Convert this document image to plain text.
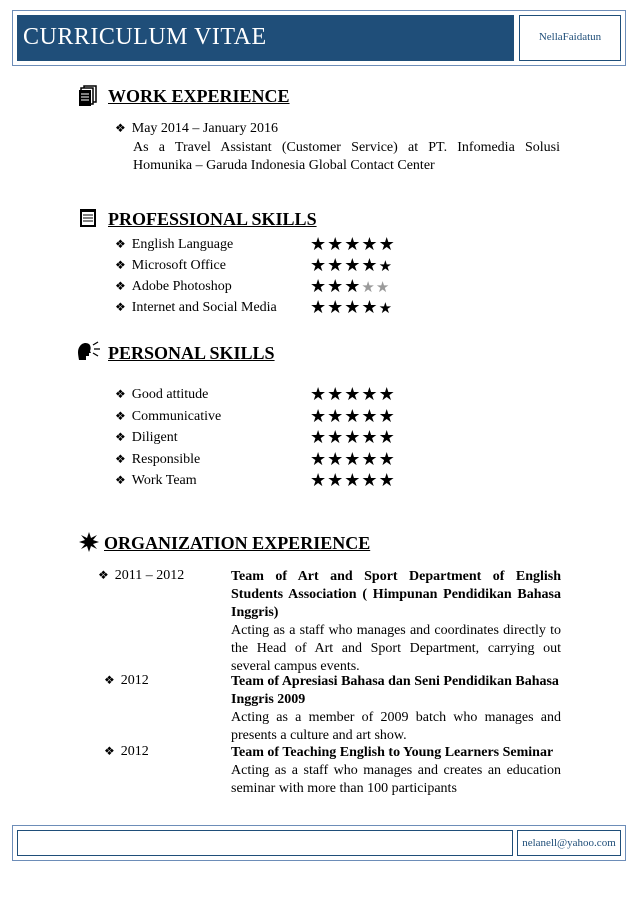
CURRICULUM VITAE	NellaFaidatun
WORK EXPERIENCE
❖ May 2014 – January 2016
As a Travel Assistant (Customer Service) at PT. Infomedia Solusi
Homunika – Garuda Indonesia Global Contact Center
PROFESSIONAL SKILLS
❖ English Language	★★★★★
❖ Microsoft Office	★★★★★
❖ Adobe Photoshop	★★★★★
❖ Internet and Social Media ★★★★★
PERSONAL SKILLS
❖ Good attitude	★★★★★
❖ Communicative	★★★★★
❖ Diligent	★★★★★
❖ Responsible	★★★★★
❖ Work Team	★★★★★
ORGANIZATION EXPERIENCE
❖ 2011 – 2012	Team of Art and Sport Department of English Students Association ( Himpunan Pendidikan Bahasa Inggris)
Acting as a staff who manages and coordinates directly to the Head of Art and Sport Department, carrying out several campus events.
❖ 2012	Team of Apresiasi Bahasa dan Seni Pendidikan Bahasa Inggris 2009
Acting as a member of 2009 batch who manages and presents a culture and art show.
❖ 2012	Team of Teaching English to Young Learners Seminar
Acting as a staff who manages and creates an education seminar with more than 100 participants
nelanell@yahoo.com
